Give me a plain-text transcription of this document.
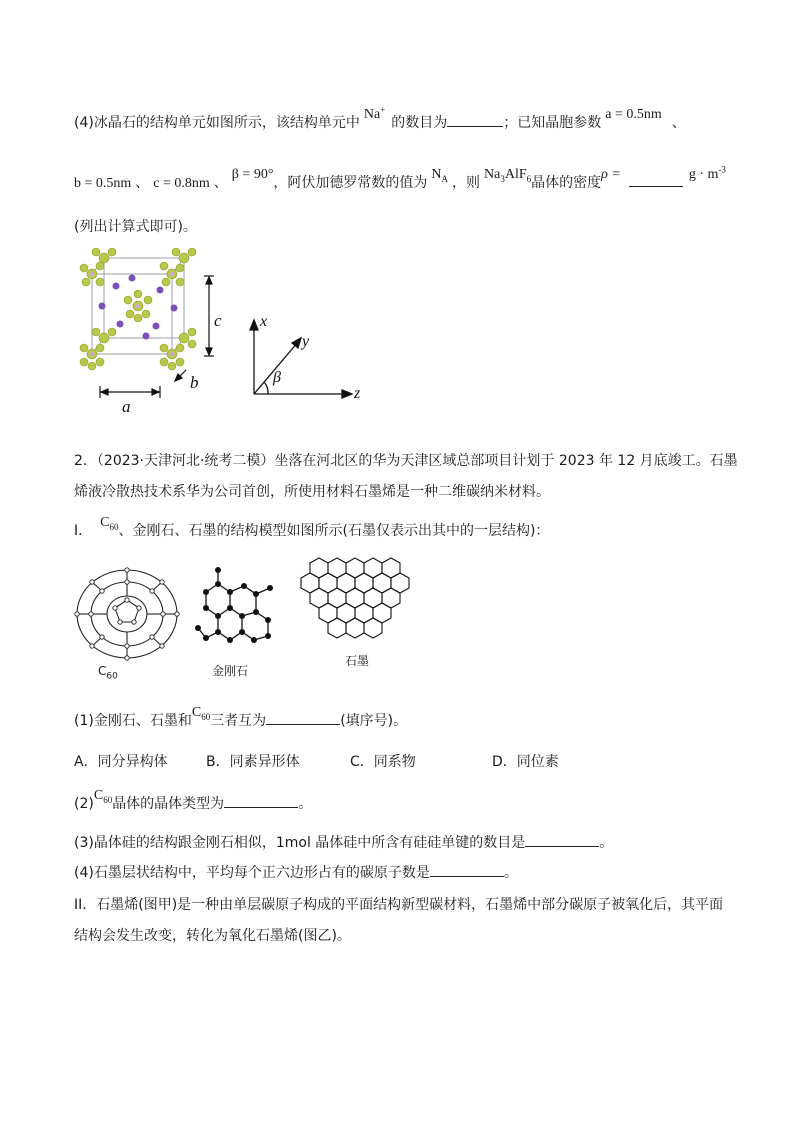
(4)冰晶石的结构单元如图所示，该结构单元中Na+的数目为	；已知晶胞参数a = 0.5nm、
b = 0.5nm 、 c = 0.8nm 、β = 90°，阿伏加德罗常数的值为$N_A$ ，则$Na_3AlF_6$晶体的密度ρ =	$g \cdot m^{-3}$
(列出计算式即可)。
c
a
b
x
y
z
β
2．（2023·天津河北·统考二模）坐落在河北区的华为天津区域总部项目计划于 2023 年 12 月底竣工。石墨
烯液冷散热技术系华为公司首创，所使用材料石墨烯是一种二维碳纳米材料。
I．$C_{60}$、金刚石、石墨的结构模型如图所示(石墨仅表示出其中的一层结构)：
$C_{60}$	金刚石
石墨
(1)金刚石、石墨和$C_{60}$三者互为	(填序号)。
A．同分异构体	B．同素异形体	C．同系物	D．同位素
$(2)C_{60}$晶体的晶体类型为	。
(3)晶体硅的结构跟金刚石相似，1mol 晶体硅中所含有硅硅单键的数目是	。
(4)石墨层状结构中，平均每个正六边形占有的碳原子数是	。
II．石墨烯(图甲)是一种由单层碳原子构成的平面结构新型碳材料，石墨烯中部分碳原子被氧化后，其平面
结构会发生改变，转化为氧化石墨烯(图乙)。
